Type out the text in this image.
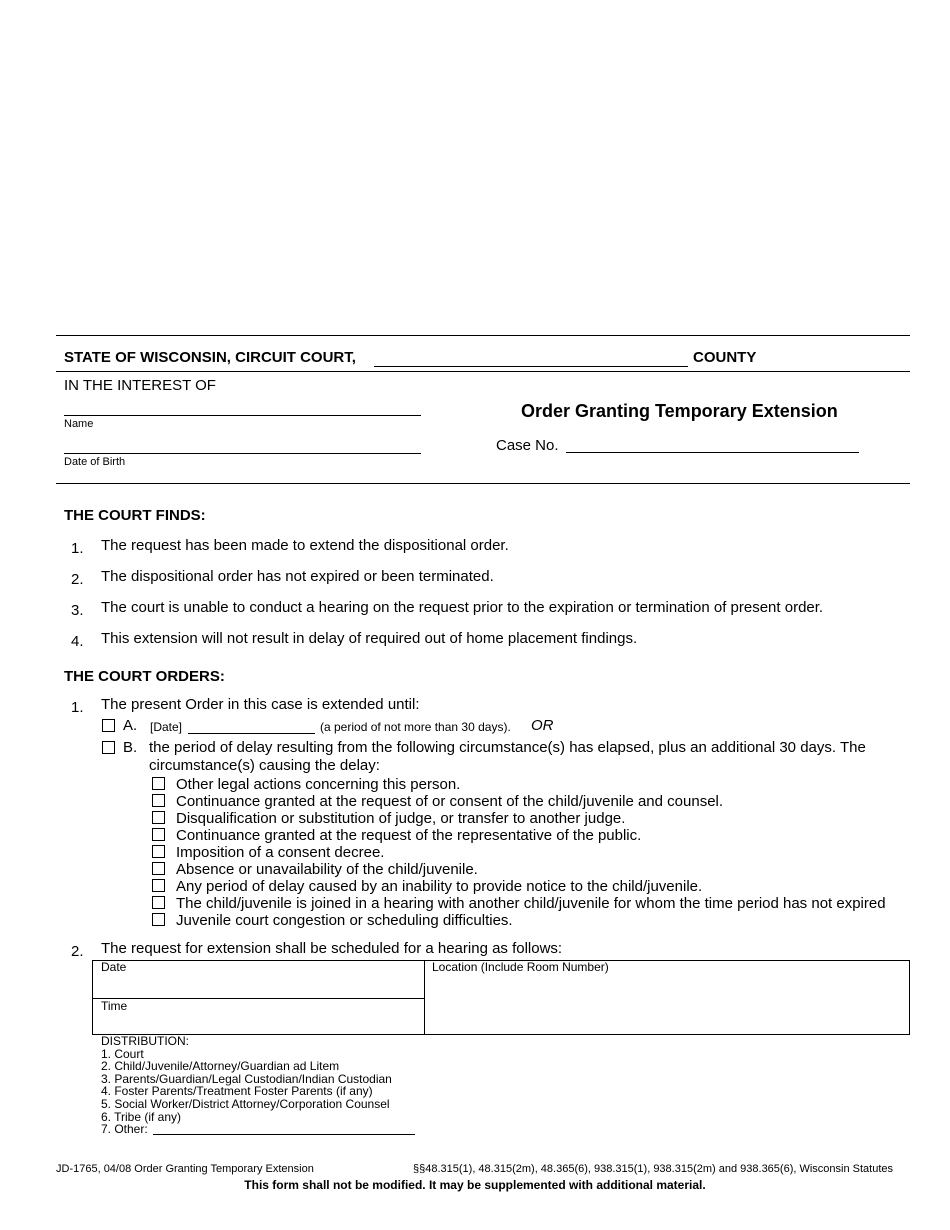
STATE OF WISCONSIN, CIRCUIT COURT,	COUNTY
IN THE INTEREST OF
Name
Date of Birth
Order Granting Temporary Extension
Case No.
THE COURT FINDS:
1. The request has been made to extend the dispositional order.
2. The dispositional order has not expired or been terminated.
3. The court is unable to conduct a hearing on the request prior to the expiration or termination of present order.
4. This extension will not result in delay of required out of home placement findings.
THE COURT ORDERS:
1. The present Order in this case is extended until:
A. [Date]	(a period of not more than 30 days). OR
B. the period of delay resulting from the following circumstance(s) has elapsed, plus an additional 30 days. The
circumstance(s) causing the delay:
Other legal actions concerning this person.
Continuance granted at the request of or consent of the child/juvenile and counsel.
Disqualification or substitution of judge, or transfer to another judge.
Continuance granted at the request of the representative of the public.
Imposition of a consent decree.
Absence or unavailability of the child/juvenile.
Any period of delay caused by an inability to provide notice to the child/juvenile.
The child/juvenile is joined in a hearing with another child/juvenile for whom the time period has not expired
Juvenile court congestion or scheduling difficulties.
2. The request for extension shall be scheduled for a hearing as follows:
Date
Time
Location (Include Room Number)
DISTRIBUTION:
1. Court
2. Child/Juvenile/Attorney/Guardian ad Litem
3. Parents/Guardian/Legal Custodian/Indian Custodian
4. Foster Parents/Treatment Foster Parents (if any)
5. Social Worker/District Attorney/Corporation Counsel
6. Tribe (if any)
7. Other:
JD-1765, 04/08 Order Granting Temporary Extension	§§48.315(1), 48.315(2m), 48.365(6), 938.315(1), 938.315(2m) and 938.365(6), Wisconsin Statutes
This form shall not be modified. It may be supplemented with additional material.
